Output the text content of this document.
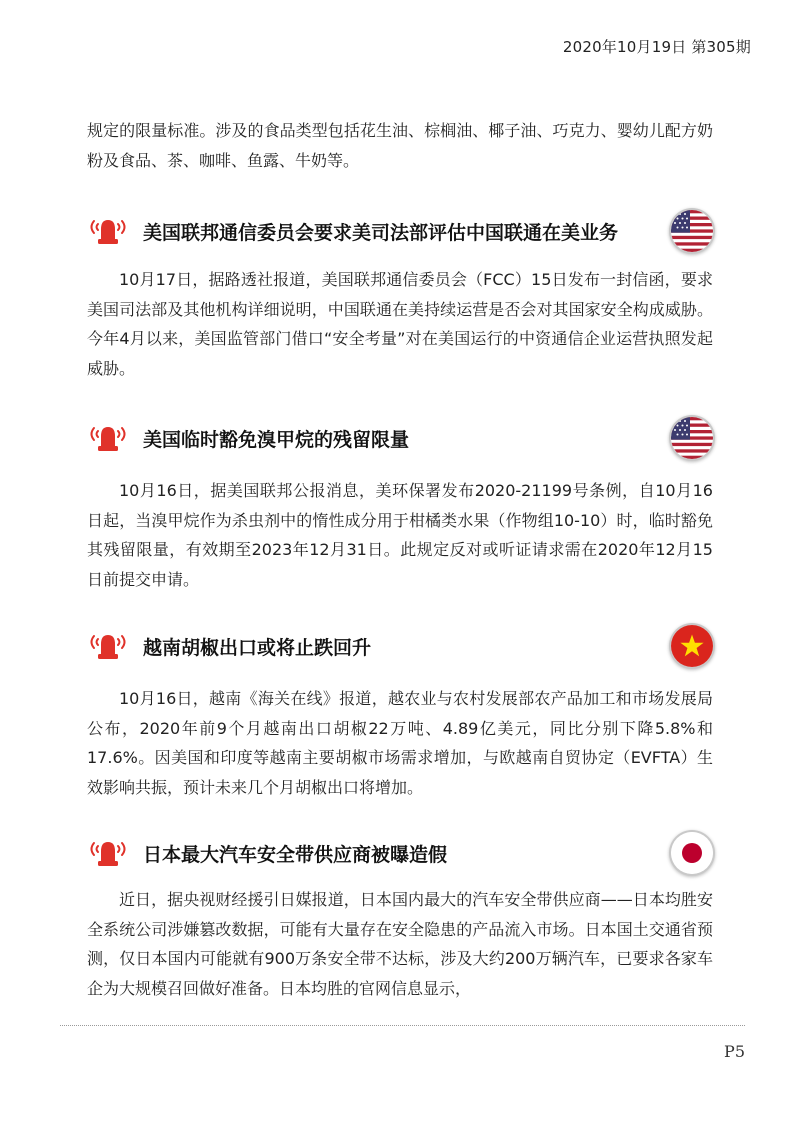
2020年10月19日 第305期

规定的限量标准。涉及的食品类型包括花生油、棕榈油、椰子油、巧克力、婴幼儿配方奶粉及食品、茶、咖啡、鱼露、牛奶等。

美国联邦通信委员会要求美司法部评估中国联通在美业务

10月17日，据路透社报道，美国联邦通信委员会（FCC）15日发布一封信函，要求美国司法部及其他机构详细说明，中国联通在美持续运营是否会对其国家安全构成威胁。今年4月以来，美国监管部门借口“安全考量”对在美国运行的中资通信企业运营执照发起威胁。

美国临时豁免溴甲烷的残留限量

10月16日，据美国联邦公报消息，美环保署发布2020-21199号条例，自10月16日起，当溴甲烷作为杀虫剂中的惰性成分用于柑橘类水果（作物组10-10）时，临时豁免其残留限量，有效期至2023年12月31日。此规定反对或听证请求需在2020年12月15日前提交申请。

越南胡椒出口或将止跌回升

10月16日，越南《海关在线》报道，越农业与农村发展部农产品加工和市场发展局公布，2020年前9个月越南出口胡椒22万吨、4.89亿美元，同比分别下降5.8%和17.6%。因美国和印度等越南主要胡椒市场需求增加，与欧越南自贸协定（EVFTA）生效影响共振，预计未来几个月胡椒出口将增加。

日本最大汽车安全带供应商被曝造假

近日，据央视财经援引日媒报道，日本国内最大的汽车安全带供应商——日本均胜安全系统公司涉嫌篡改数据，可能有大量存在安全隐患的产品流入市场。日本国土交通省预测，仅日本国内可能就有900万条安全带不达标，涉及大约200万辆汽车，已要求各家车企为大规模召回做好准备。日本均胜的官网信息显示，

P5
